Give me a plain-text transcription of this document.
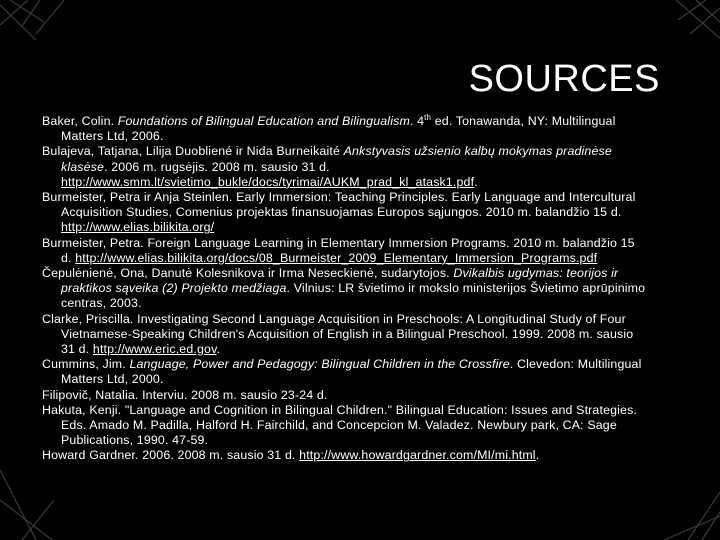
SOURCES
Baker, Colin. Foundations of Bilingual Education and Bilingualism. 4th ed. Tonawanda, NY: Multilingual Matters Ltd, 2006.
Bulajeva, Tatjana, Lilija Duobliené ir Nida Burneikaité Ankstyvasis užsienio kalbų mokymas pradinėse klasėse. 2006 m. rugsėjis. 2008 m. sausio 31 d. http://www.smm.lt/svietimo_bukle/docs/tyrimai/AUKM_prad_kl_atask1.pdf.
Burmeister, Petra ir Anja Steinlen. Early Immersion: Teaching Principles. Early Language and Intercultural Acquisition Studies, Comenius projektas finansuojamas Europos sąjungos. 2010 m. balandžio 15 d. http://www.elias.bilikita.org/
Burmeister, Petra. Foreign Language Learning in Elementary Immersion Programs. 2010 m. balandžio 15 d. http://www.elias.bilikita.org/docs/08_Burmeister_2009_Elementary_Immersion_Programs.pdf
Čepulėnienė, Ona, Danutė Kolesnikova ir Irma Neseckienė, sudarytojos. Dvikalbis ugdymas: teorijos ir praktikos sąveika (2) Projekto medžiaga. Vilnius: LR švietimo ir mokslo ministerijos Švietimo aprūpinimo centras, 2003.
Clarke, Priscilla. Investigating Second Language Acquisition in Preschools: A Longitudinal Study of Four Vietnamese-Speaking Children's Acquisition of English in a Bilingual Preschool. 1999. 2008 m. sausio 31 d. http://www.eric.ed.gov.
Cummins, Jim. Language, Power and Pedagogy: Bilingual Children in the Crossfire. Clevedon: Multilingual Matters Ltd, 2000.
Filipovič, Natalia. Interviu. 2008 m. sausio 23-24 d.
Hakuta, Kenji. "Language and Cognition in Bilingual Children." Bilingual Education: Issues and Strategies. Eds. Amado M. Padilla, Halford H. Fairchild, and Concepcion M. Valadez. Newbury park, CA: Sage Publications, 1990. 47-59.
Howard Gardner. 2006. 2008 m. sausio 31 d. http://www.howardgardner.com/MI/mi.html.
